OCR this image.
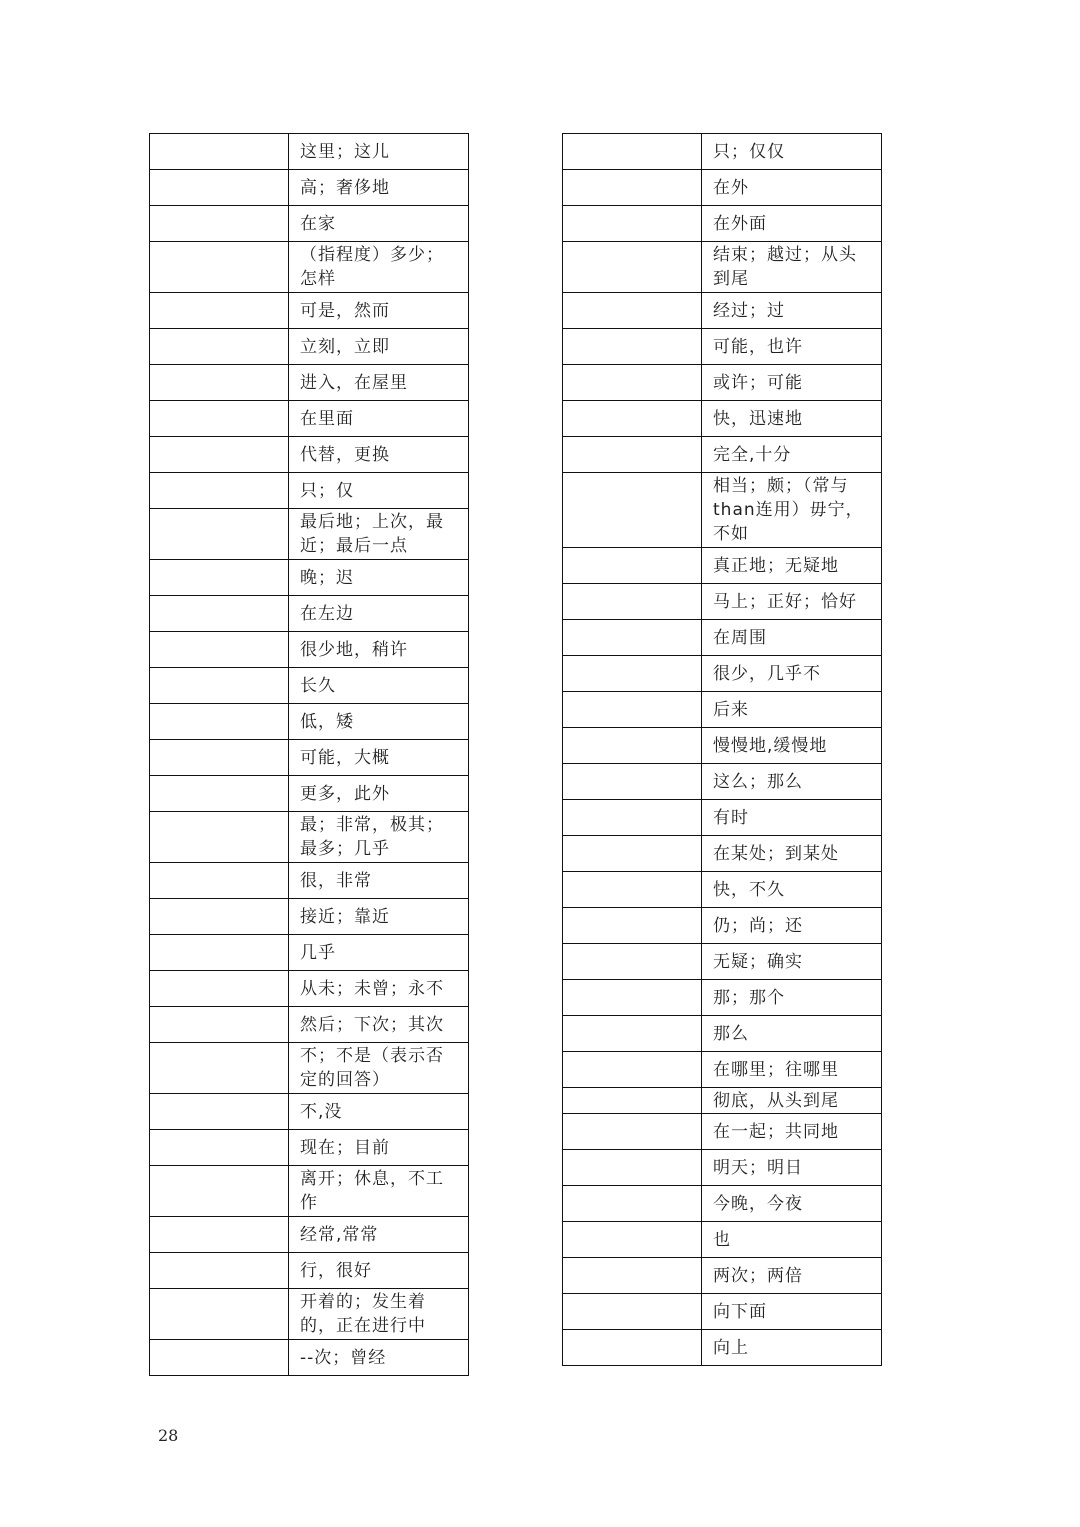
	这里；这儿
	高；奢侈地
	在家
	（指程度）多少；怎样
	可是，然而
	立刻，立即
	进入，在屋里
	在里面
	代替，更换
	只；仅
	最后地；上次，最近；最后一点
	晚；迟
	在左边
	很少地，稍许
	长久
	低，矮
	可能，大概
	更多，此外
	最；非常，极其；最多；几乎
	很，非常
	接近；靠近
	几乎
	从未；未曾；永不
	然后；下次；其次
	不；不是（表示否定的回答）
	不,没
	现在；目前
	离开；休息，不工作
	经常,常常
	行，很好
	开着的；发生着的，正在进行中
	--次；曾经
	只；仅仅
	在外
	在外面
	结束；越过；从头到尾
	经过；过
	可能，也许
	或许；可能
	快，迅速地
	完全,十分
	相当；颇；（常与than连用）毋宁，不如
	真正地；无疑地
	马上；正好；恰好
	在周围
	很少，几乎不
	后来
	慢慢地,缓慢地
	这么；那么
	有时
	在某处；到某处
	快，不久
	仍；尚；还
	无疑；确实
	那；那个
	那么
	在哪里；往哪里
	彻底，从头到尾
	在一起；共同地
	明天；明日
	今晚，今夜
	也
	两次；两倍
	向下面
	向上
28
